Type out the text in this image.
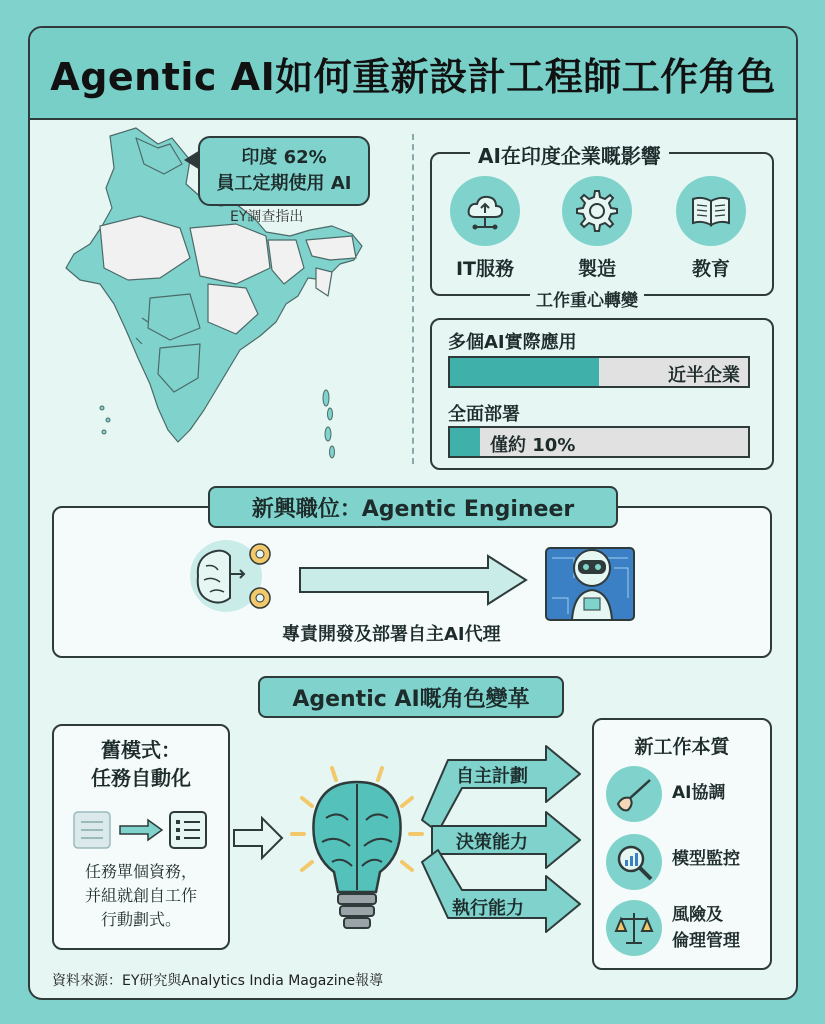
Agentic AI如何重新設計工程師工作角色
印度 62%
員工定期使用 AI
EY調查指出
AI在印度企業嘅影響
IT服務	製造	教育
工作重心轉變
多個AI實際應用
近半企業
全面部署
僅約 10%
新興職位：Agentic Engineer
專責開發及部署自主AI代理
Agentic AI嘅角色變革
舊模式：
任務自動化
任務單個資務，
并組就創自工作
行動劃式。
自主計劃
決策能力
執行能力
新工作本質
AI協調
模型監控
風險及
倫理管理
資料來源：EY研究與Analytics India Magazine報導
